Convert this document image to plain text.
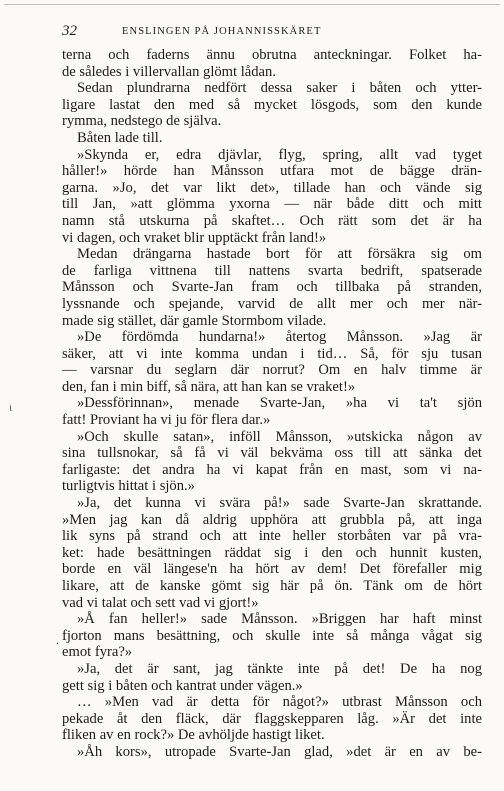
32	ENSLINGEN PÅ JOHANNISSKÄRET
ι
.
terna och faderns ännu obrutna anteckningar. Folket ha-
de således i villervallan glömt lådan.
Sedan plundrarna nedfört dessa saker i båten och ytter-
ligare lastat den med så mycket lösgods, som den kunde
rymma, nedstego de själva.
Båten lade till.
»Skynda er, edra djävlar, flyg, spring, allt vad tyget
håller!» hörde han Månsson utfara mot de bägge drän-
garna. »Jo, det var likt det», tillade han och vände sig
till Jan, »att glömma yxorna — när både ditt och mitt
namn stå utskurna på skaftet… Och rätt som det är ha
vi dagen, och vraket blir upptäckt från land!»
Medan drängarna hastade bort för att försäkra sig om
de farliga vittnena till nattens svarta bedrift, spatserade
Månsson och Svarte-Jan fram och tillbaka på stranden,
lyssnande och spejande, varvid de allt mer och mer när-
made sig stället, där gamle Stormbom vilade.
»De fördömda hundarna!» återtog Månsson. »Jag är
säker, att vi inte komma undan i tid… Så, för sju tusan
— varsnar du seglarn där norrut? Om en halv timme är
den, fan i min biff, så nära, att han kan se vraket!»
»Dessförinnan», menade Svarte-Jan, »ha vi ta't sjön
fatt! Proviant ha vi ju för flera dar.»
»Och skulle satan», inföll Månsson, »utskicka någon av
sina tullsnokar, så få vi väl bekväma oss till att sänka det
farligaste: det andra ha vi kapat från en mast, som vi na-
turligtvis hittat i sjön.»
»Ja, det kunna vi svära på!» sade Svarte-Jan skrattande.
»Men jag kan då aldrig upphöra att grubbla på, att inga
lik syns på strand och att inte heller storbåten var på vra-
ket: hade besättningen räddat sig i den och hunnit kusten,
borde en väl längese'n ha hört av dem! Det förefaller mig
likare, att de kanske gömt sig här på ön. Tänk om de hört
vad vi talat och sett vad vi gjort!»
»Å fan heller!» sade Månsson. »Briggen har haft minst
fjorton mans besättning, och skulle inte så många vågat sig
emot fyra?»
»Ja, det är sant, jag tänkte inte på det! De ha nog
gett sig i båten och kantrat under vägen.»
… »Men vad är detta för något?» utbrast Månsson och
pekade åt den fläck, där flaggskepparen låg. »Är det inte
fliken av en rock?» De avhöljde hastigt liket.
»Åh kors», utropade Svarte-Jan glad, »det är en av be-
